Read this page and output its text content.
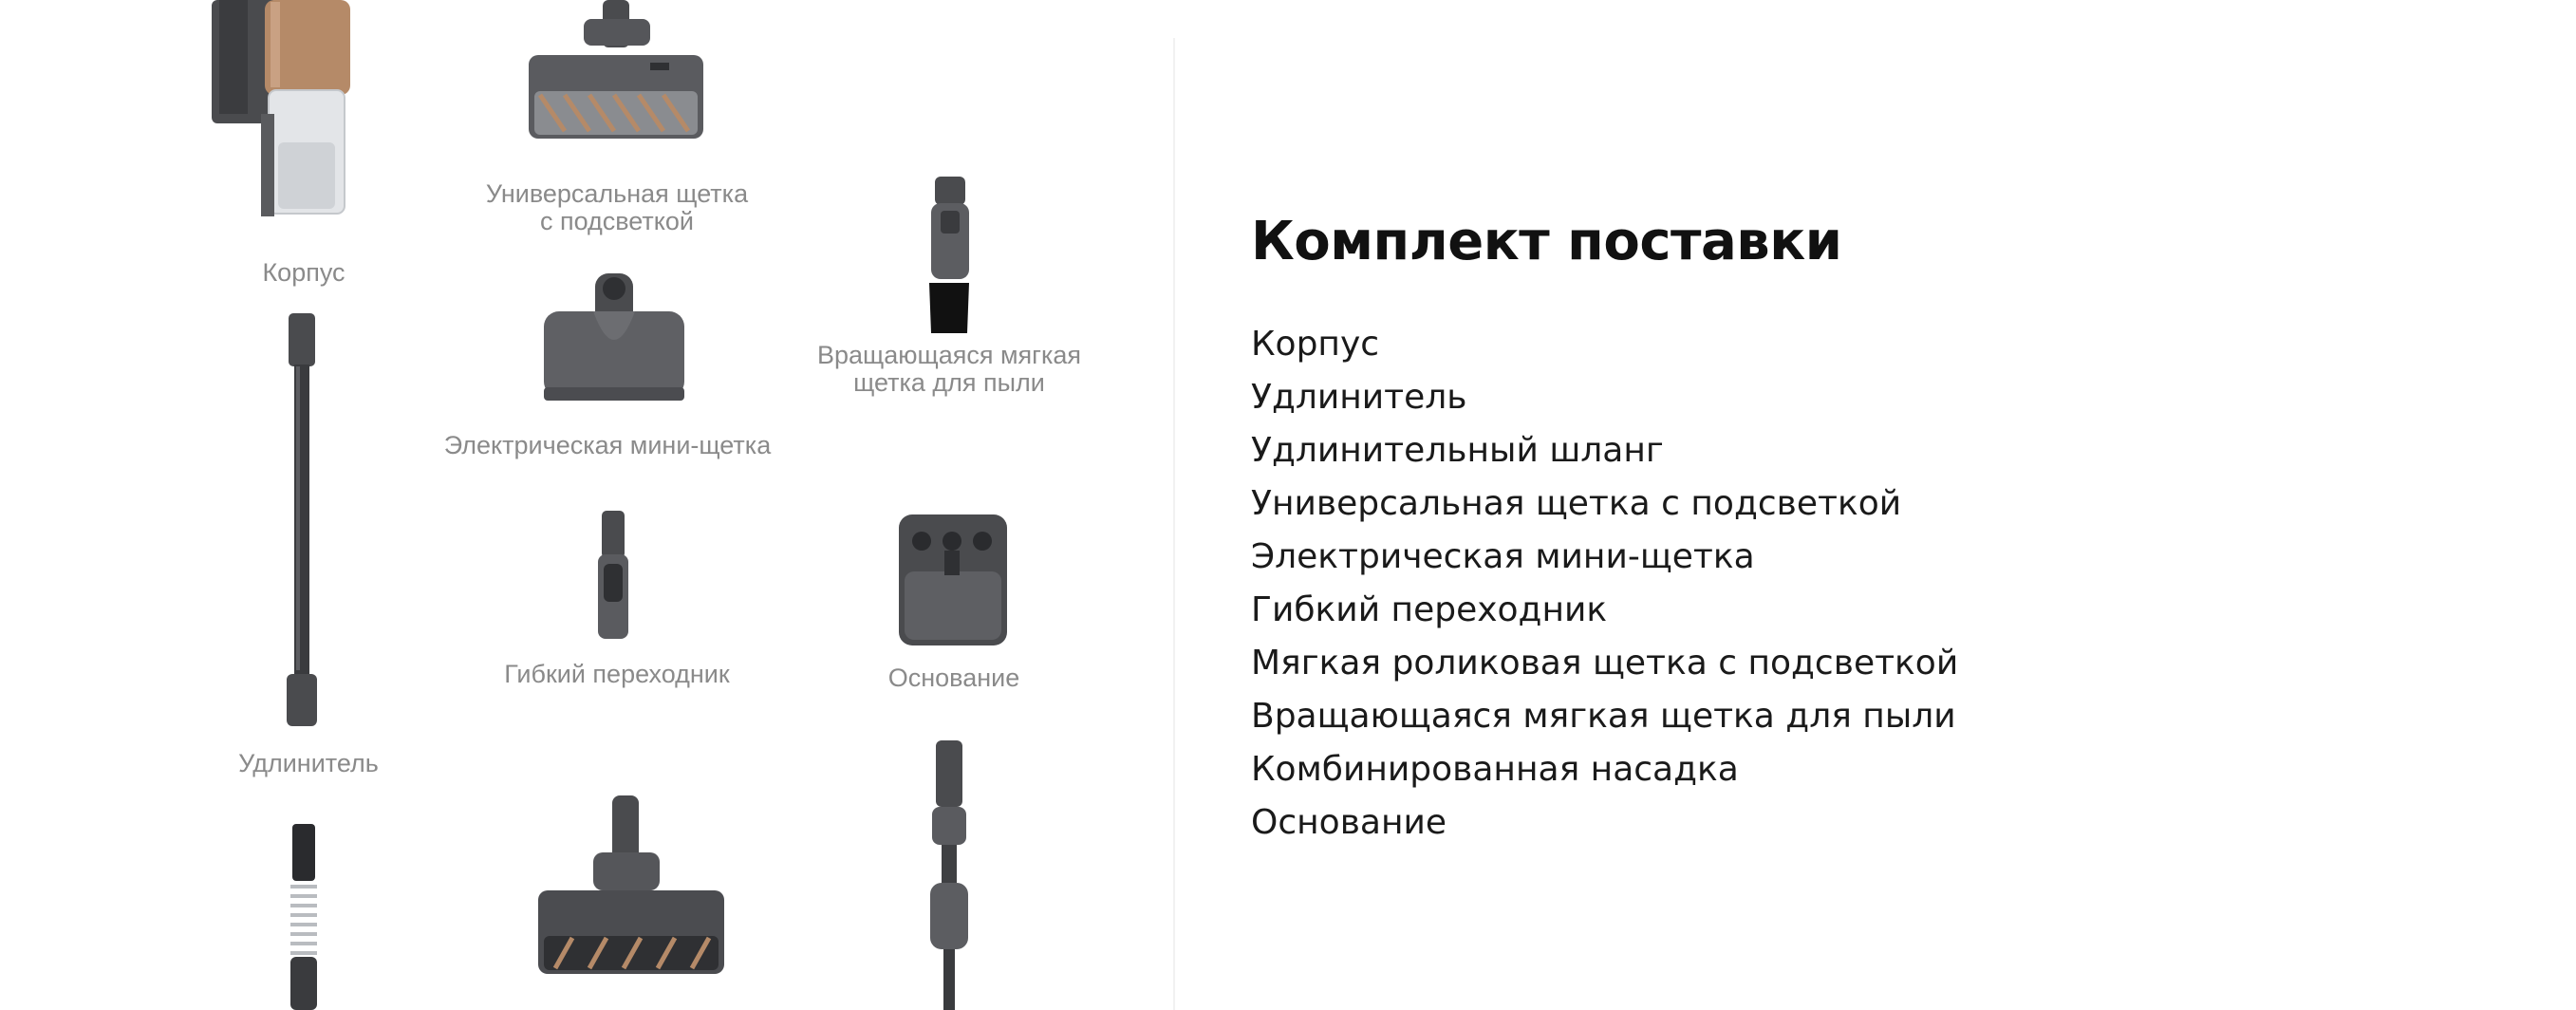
Корпус
Универсальная щетка
с подсветкой
Вращающаяся мягкая
щетка для пыли
Электрическая мини-щетка
Удлинитель
Гибкий переходник	Основание
Комплект поставки
Корпус
Удлинитель
Удлинительный шланг
Универсальная щетка с подсветкой
Электрическая мини-щетка
Гибкий переходник
Мягкая роликовая щетка с подсветкой
Вращающаяся мягкая щетка для пыли
Комбинированная насадка
Основание
